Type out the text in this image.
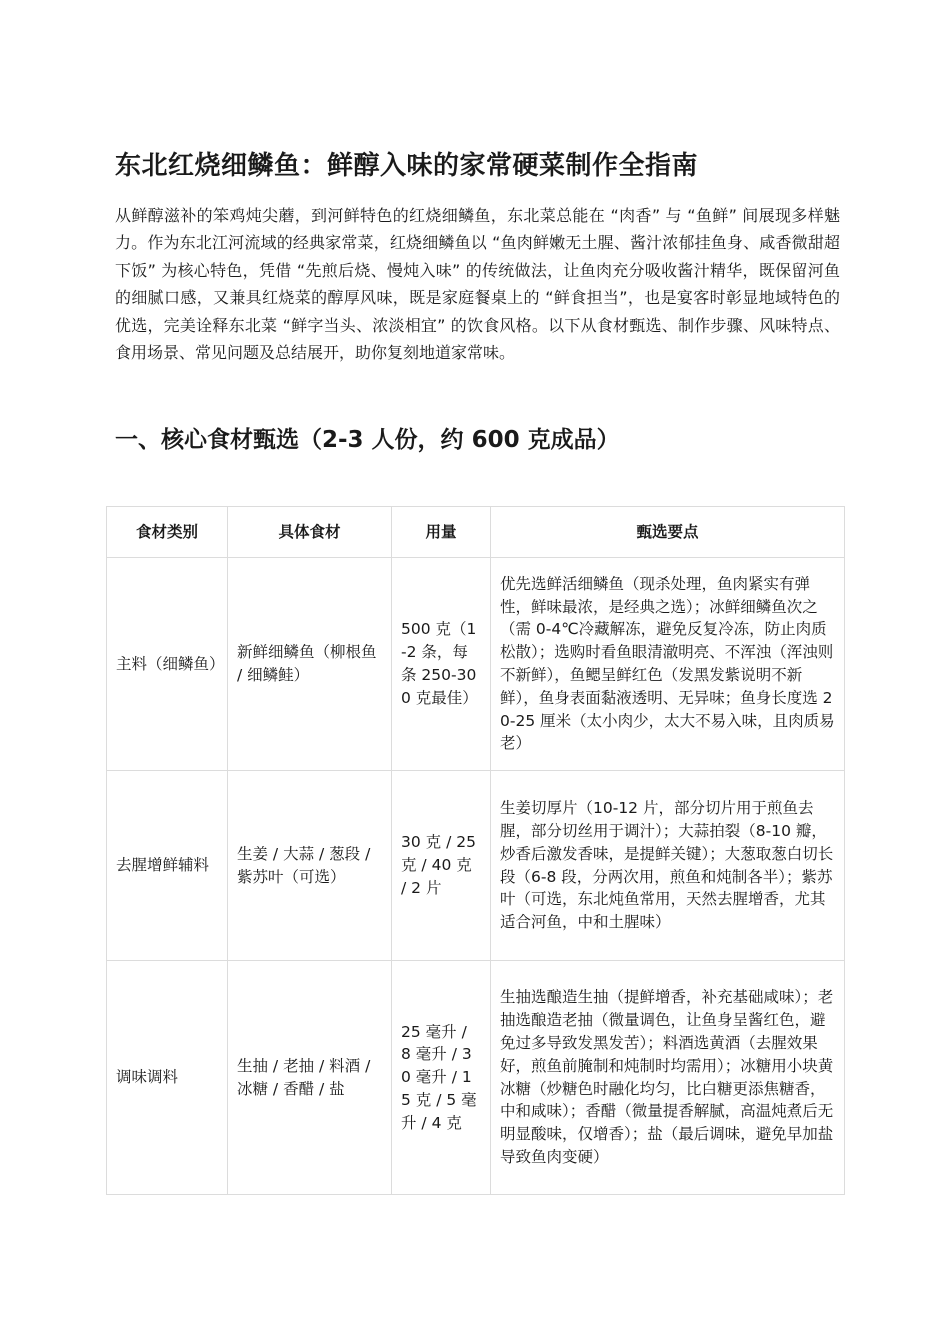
东北红烧细鳞鱼：鲜醇入味的家常硬菜制作全指南

从鲜醇滋补的笨鸡炖尖蘑，到河鲜特色的红烧细鳞鱼，东北菜总能在 “肉香” 与 “鱼鲜” 间展现多样魅力。作为东北江河流域的经典家常菜，红烧细鳞鱼以 “鱼肉鲜嫩无土腥、酱汁浓郁挂鱼身、咸香微甜超下饭” 为核心特色，凭借 “先煎后烧、慢炖入味” 的传统做法，让鱼肉充分吸收酱汁精华，既保留河鱼的细腻口感，又兼具红烧菜的醇厚风味，既是家庭餐桌上的 “鲜食担当”，也是宴客时彰显地域特色的优选，完美诠释东北菜 “鲜字当头、浓淡相宜” 的饮食风格。以下从食材甄选、制作步骤、风味特点、食用场景、常见问题及总结展开，助你复刻地道家常味。

一、核心食材甄选（2-3 人份，约 600 克成品）
食材类别	具体食材	用量	甄选要点
主料（细鳞鱼）	新鲜细鳞鱼（柳根鱼 / 细鳞鲑）	500 克（1-2 条，每条 250-300 克最佳）	优先选鲜活细鳞鱼（现杀处理，鱼肉紧实有弹性，鲜味最浓，是经典之选）；冰鲜细鳞鱼次之（需 0-4℃冷藏解冻，避免反复冷冻，防止肉质松散）；选购时看鱼眼清澈明亮、不浑浊（浑浊则不新鲜），鱼鳃呈鲜红色（发黑发紫说明不新鲜），鱼身表面黏液透明、无异味；鱼身长度选 20-25 厘米（太小肉少，太大不易入味，且肉质易老）
去腥增鲜辅料	生姜 / 大蒜 / 葱段 / 紫苏叶（可选）	30 克 / 25 克 / 40 克 / 2 片	生姜切厚片（10-12 片，部分切片用于煎鱼去腥，部分切丝用于调汁）；大蒜拍裂（8-10 瓣，炒香后激发香味，是提鲜关键）；大葱取葱白切长段（6-8 段，分两次用，煎鱼和炖制各半）；紫苏叶（可选，东北炖鱼常用，天然去腥增香，尤其适合河鱼，中和土腥味）
调味调料	生抽 / 老抽 / 料酒 / 冰糖 / 香醋 / 盐	25 毫升 / 8 毫升 / 30 毫升 / 15 克 / 5 毫升 / 4 克	生抽选酿造生抽（提鲜增香，补充基础咸味）；老抽选酿造老抽（微量调色，让鱼身呈酱红色，避免过多导致发黑发苦）；料酒选黄酒（去腥效果好，煎鱼前腌制和炖制时均需用）；冰糖用小块黄冰糖（炒糖色时融化均匀，比白糖更添焦糖香，中和咸味）；香醋（微量提香解腻，高温炖煮后无明显酸味，仅增香）；盐（最后调味，避免早加盐导致鱼肉变硬）
